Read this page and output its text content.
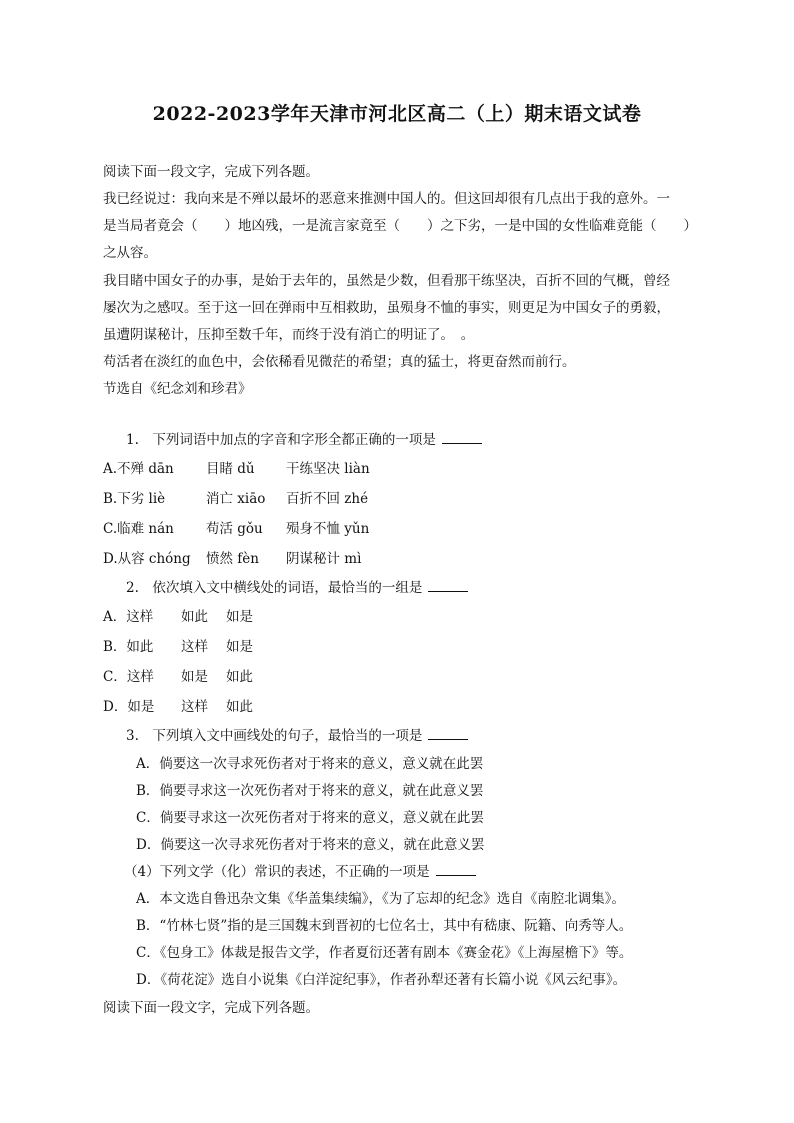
2022-2023学年天津市河北区高二（上）期末语文试卷
阅读下面一段文字，完成下列各题。
我已经说过：我向来是不殚以最坏的恶意来推测中国人的。但这回却很有几点出于我的意外。一
是当局者竟会（　　）地凶残，一是流言家竟至（　　）之下劣，一是中国的女性临难竟能（　　）
之从容。
我目睹中国女子的办事，是始于去年的，虽然是少数，但看那干练坚决，百折不回的气概，曾经
屡次为之感叹。至于这一回在弹雨中互相救助，虽殒身不恤的事实，则更足为中国女子的勇毅，
虽遭阴谋秘计，压抑至数千年，而终于没有消亡的明证了。　。
苟活者在淡红的血色中，会依稀看见微茫的希望；真的猛士，将更奋然而前行。
节选自《纪念刘和珍君》
1.　下列词语中加点的字音和字形全都正确的一项是
A.不殚 dān 目睹 dǔ 干练坚决 liàn
B.下劣 liè	消亡 xiāo 百折不回 zhé
C.临难 nán 苟活 gǒu 殒身不恤 yǔn
D.从容 chóng 愤然 fèn 阴谋秘计 mì
2.　依次填入文中横线处的词语，最恰当的一组是
A．这样 如此 如是
B．如此 这样 如是
C．这样 如是 如此
D．如是 这样 如此
3.　下列填入文中画线处的句子，最恰当的一项是
A．倘要这一次寻求死伤者对于将来的意义，意义就在此罢
B．倘要寻求这一次死伤者对于将来的意义，就在此意义罢
C．倘要寻求这一次死伤者对于将来的意义，意义就在此罢
D．倘要这一次寻求死伤者对于将来的意义，就在此意义罢
（4）下列文学（化）常识的表述，不正确的一项是
A．本文选自鲁迅杂文集《华盖集续编》，《为了忘却的纪念》选自《南腔北调集》。
B．“竹林七贤”指的是三国魏末到晋初的七位名士，其中有嵇康、阮籍、向秀等人。
C．《包身工》体裁是报告文学，作者夏衍还著有剧本《赛金花》《上海屋檐下》等。
D．《荷花淀》选自小说集《白洋淀纪事》，作者孙犁还著有长篇小说《风云纪事》。
阅读下面一段文字，完成下列各题。
